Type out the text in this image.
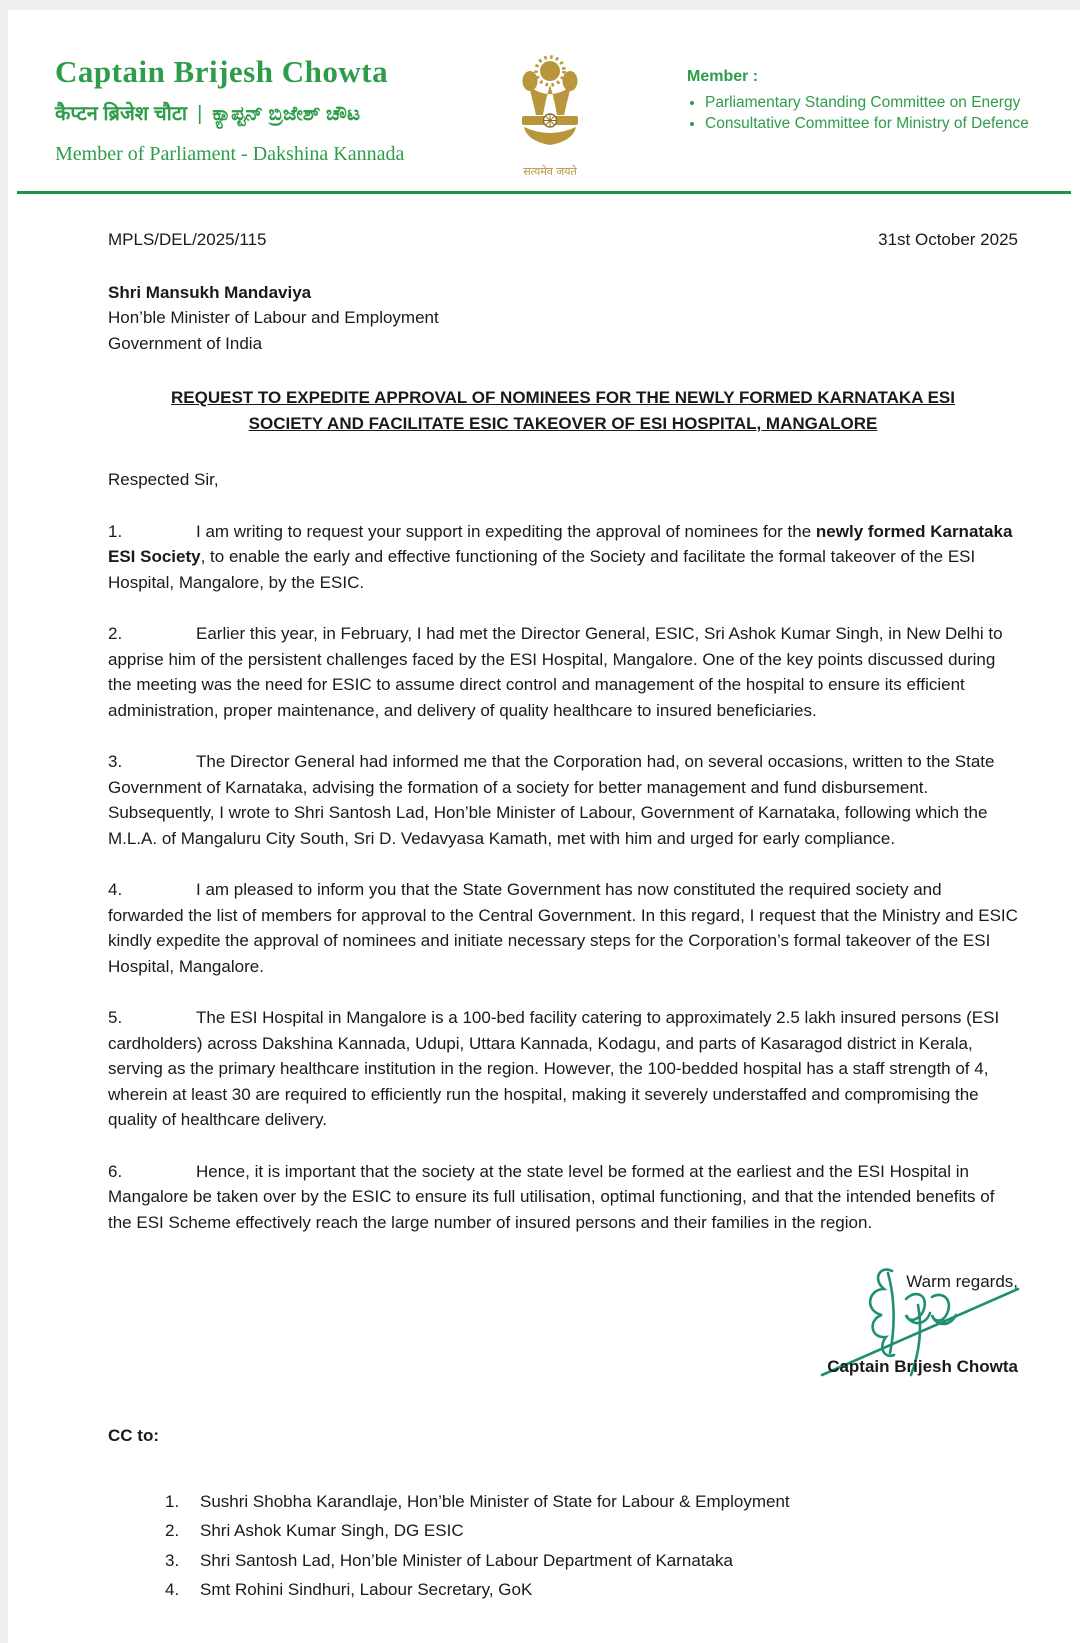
Captain Brijesh Chowta
कैप्टन ब्रिजेश चौटा | ಕ್ಯಾಪ್ಟನ್ ಬ್ರಿಜೇಶ್ ಚೌಟ
Member of Parliament - Dakshina Kannada
सत्यमेव जयते
Member :
• Parliamentary Standing Committee on Energy
• Consultative Committee for Ministry of Defence
MPLS/DEL/2025/115	31st October 2025
Shri Mansukh Mandaviya
Hon’ble Minister of Labour and Employment
Government of India
REQUEST TO EXPEDITE APPROVAL OF NOMINEES FOR THE NEWLY FORMED KARNATAKA ESI
SOCIETY AND FACILITATE ESIC TAKEOVER OF ESI HOSPITAL, MANGALORE
Respected Sir,

1.	I am writing to request your support in expediting the approval of nominees for the newly formed Karnataka ESI Society, to enable the early and effective functioning of the Society and facilitate the formal takeover of the ESI Hospital, Mangalore, by the ESIC.

2.	Earlier this year, in February, I had met the Director General, ESIC, Sri Ashok Kumar Singh, in New Delhi to apprise him of the persistent challenges faced by the ESI Hospital, Mangalore. One of the key points discussed during the meeting was the need for ESIC to assume direct control and management of the hospital to ensure its efficient administration, proper maintenance, and delivery of quality healthcare to insured beneficiaries.

3.	The Director General had informed me that the Corporation had, on several occasions, written to the State Government of Karnataka, advising the formation of a society for better management and fund disbursement. Subsequently, I wrote to Shri Santosh Lad, Hon’ble Minister of Labour, Government of Karnataka, following which the M.L.A. of Mangaluru City South, Sri D. Vedavyasa Kamath, met with him and urged for early compliance.

4.	I am pleased to inform you that the State Government has now constituted the required society and forwarded the list of members for approval to the Central Government. In this regard, I request that the Ministry and ESIC kindly expedite the approval of nominees and initiate necessary steps for the Corporation’s formal takeover of the ESI Hospital, Mangalore.

5.	The ESI Hospital in Mangalore is a 100-bed facility catering to approximately 2.5 lakh insured persons (ESI cardholders) across Dakshina Kannada, Udupi, Uttara Kannada, Kodagu, and parts of Kasaragod district in Kerala, serving as the primary healthcare institution in the region. However, the 100-bedded hospital has a staff strength of 4, wherein at least 30 are required to efficiently run the hospital, making it severely understaffed and compromising the quality of healthcare delivery.

6.	Hence, it is important that the society at the state level be formed at the earliest and the ESI Hospital in Mangalore be taken over by the ESIC to ensure its full utilisation, optimal functioning, and that the intended benefits of the ESI Scheme effectively reach the large number of insured persons and their families in the region.

Warm regards,
Captain Brijesh Chowta
CC to:
1.	Sushri Shobha Karandlaje, Hon’ble Minister of State for Labour & Employment
2.	Shri Ashok Kumar Singh, DG ESIC
3.	Shri Santosh Lad, Hon’ble Minister of Labour Department of Karnataka
4.	Smt Rohini Sindhuri, Labour Secretary, GoK
